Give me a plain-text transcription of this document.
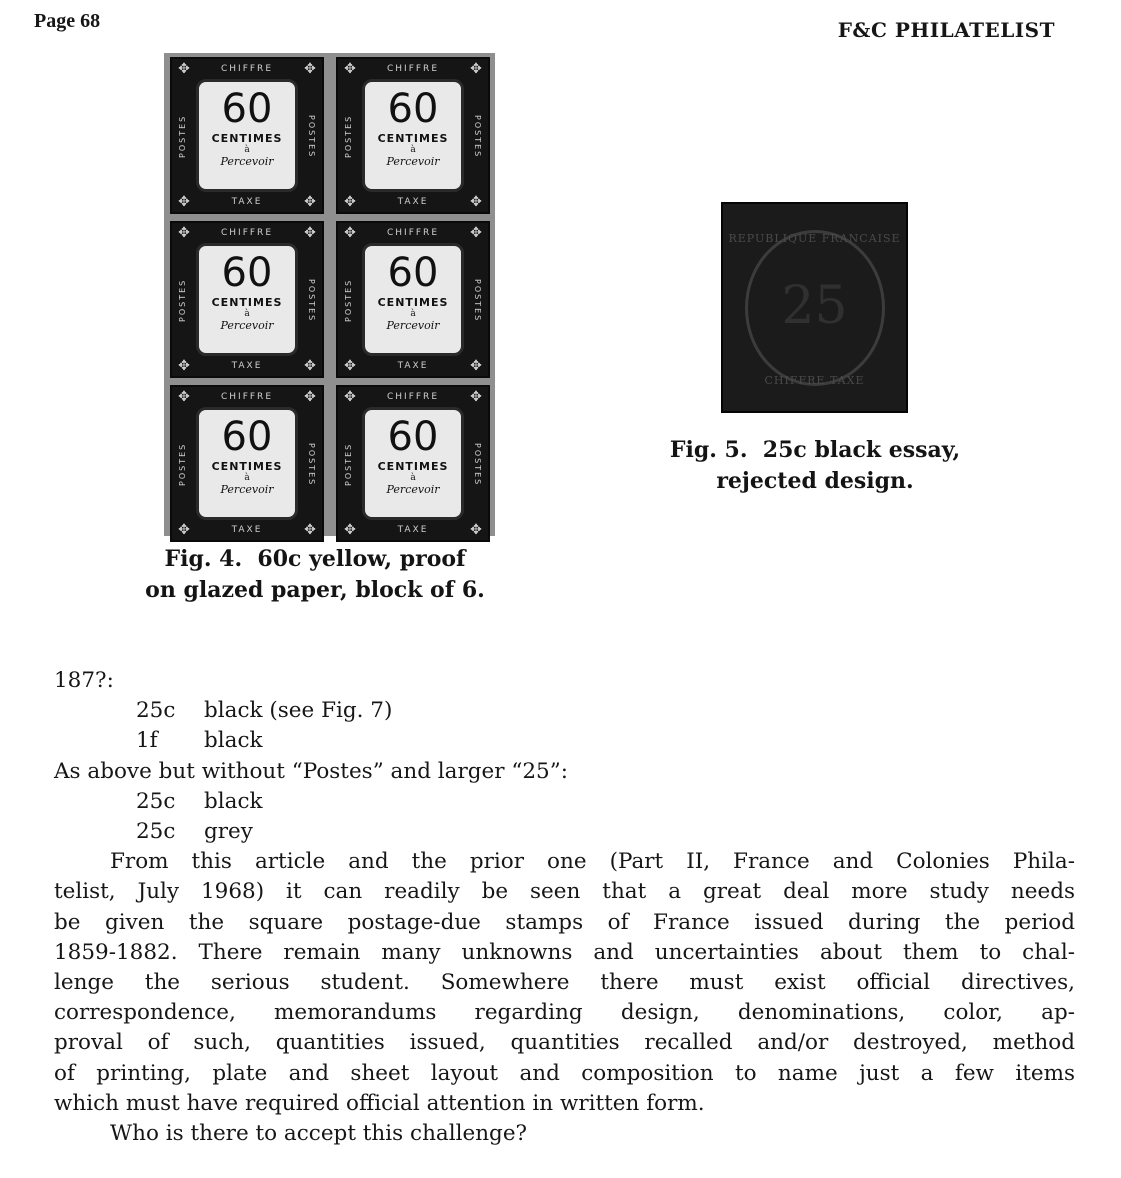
Page 68	F&C PHILATELIST
✥	✥
✥	✥
CHIFFRE
POSTES	POSTES
60
CENTIMES
à
Percevoir
TAXE
✥	✥
✥	✥
CHIFFRE
POSTES	POSTES
60
CENTIMES
à
Percevoir
TAXE
✥	✥
✥	✥
CHIFFRE
POSTES	POSTES
60
CENTIMES
à
Percevoir
TAXE
✥	✥
✥	✥
CHIFFRE
POSTES	POSTES
60
CENTIMES
à
Percevoir
TAXE
✥	✥
✥	✥
CHIFFRE
POSTES	POSTES
60
CENTIMES
à
Percevoir
TAXE
✥	✥
✥	✥
CHIFFRE
POSTES	POSTES
60
CENTIMES
à
Percevoir
TAXE
REPUBLIQUE FRANCAISE
25
CHIFFRE TAXE
Fig. 4.  60c yellow, proof
on glazed paper, block of 6.
Fig. 5.  25c black essay,
rejected design.
187?:
25c black (see Fig. 7)
1f black
As above but without “Postes” and larger “25”:
25c black
25c grey
From this article and the prior one (Part II, France and Colonies Phila-
telist, July 1968) it can readily be seen that a great deal more study needs
be given the square postage-due stamps of France issued during the period
1859-1882. There remain many unknowns and uncertainties about them to chal-
lenge the serious student. Somewhere there must exist official directives,
correspondence, memorandums regarding design, denominations, color, ap-
proval of such, quantities issued, quantities recalled and/or destroyed, method
of printing, plate and sheet layout and composition to name just a few items
which must have required official attention in written form.
Who is there to accept this challenge?
